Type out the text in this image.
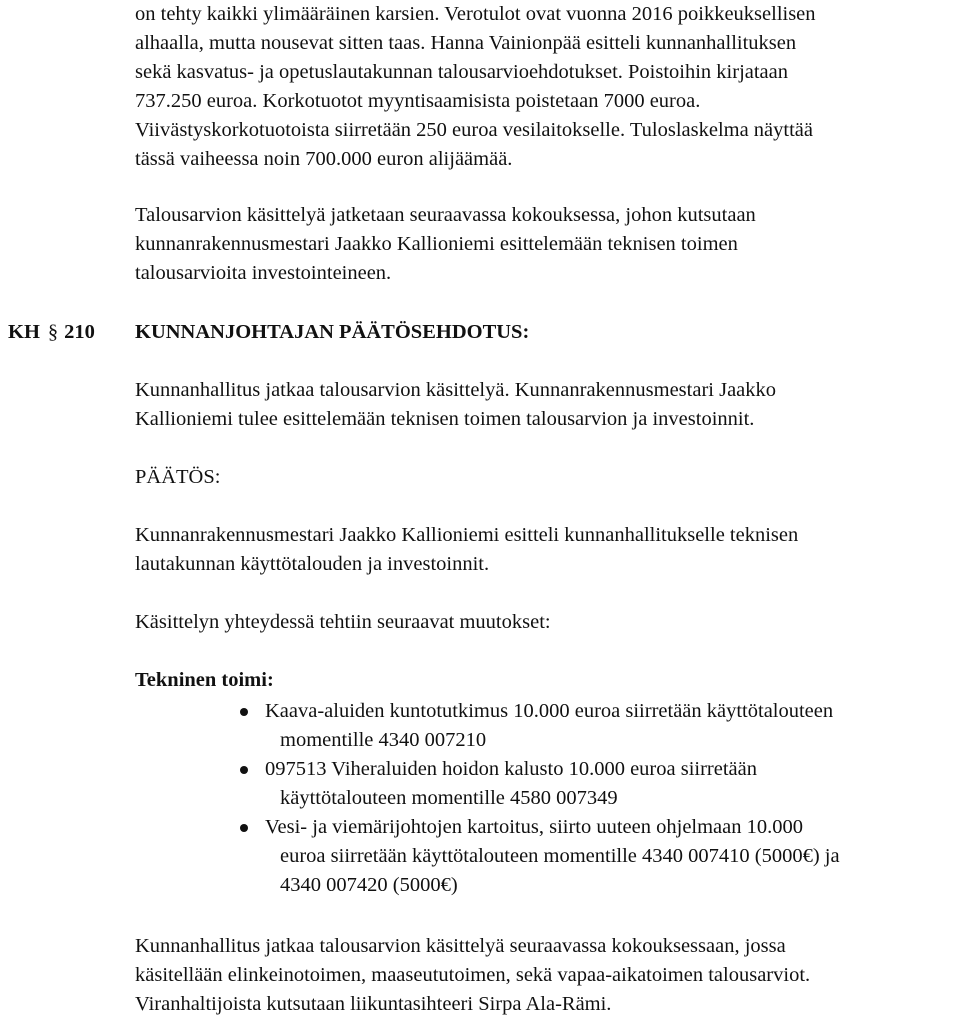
on tehty kaikki ylimääräinen karsien. Verotulot ovat vuonna 2016 poikkeuksellisen
alhaalla, mutta nousevat sitten taas. Hanna Vainionpää esitteli kunnanhallituksen
sekä kasvatus- ja opetuslautakunnan talousarvioehdotukset. Poistoihin kirjataan
737.250 euroa. Korkotuotot myyntisaamisista poistetaan 7000 euroa.
Viivästyskorkotuotoista siirretään 250 euroa vesilaitokselle. Tuloslaskelma näyttää
tässä vaiheessa noin 700.000 euron alijäämää.

Talousarvion käsittelyä jatketaan seuraavassa kokouksessa, johon kutsutaan
kunnanrakennusmestari Jaakko Kallioniemi esittelemään teknisen toimen
talousarvioita investointeineen.

KH § 210 KUNNANJOHTAJAN PÄÄTÖSEHDOTUS:

Kunnanhallitus jatkaa talousarvion käsittelyä. Kunnanrakennusmestari Jaakko
Kallioniemi tulee esittelemään teknisen toimen talousarvion ja investoinnit.

PÄÄTÖS:

Kunnanrakennusmestari Jaakko Kallioniemi esitteli kunnanhallitukselle teknisen
lautakunnan käyttötalouden ja investoinnit.

Käsittelyn yhteydessä tehtiin seuraavat muutokset:
Tekninen toimi:
Kaava-aluiden kuntotutkimus 10.000 euroa siirretään käyttötalouteen
momentille 4340 007210
097513 Viheraluiden hoidon kalusto 10.000 euroa siirretään
käyttötalouteen momentille 4580 007349
Vesi- ja viemärijohtojen kartoitus, siirto uuteen ohjelmaan 10.000
euroa siirretään käyttötalouteen momentille 4340 007410 (5000€) ja
4340 007420 (5000€)

Kunnanhallitus jatkaa talousarvion käsittelyä seuraavassa kokouksessaan, jossa
käsitellään elinkeinotoimen, maaseututoimen, sekä vapaa-aikatoimen talousarviot.
Viranhaltijoista kutsutaan liikuntasihteeri Sirpa Ala-Rämi.
